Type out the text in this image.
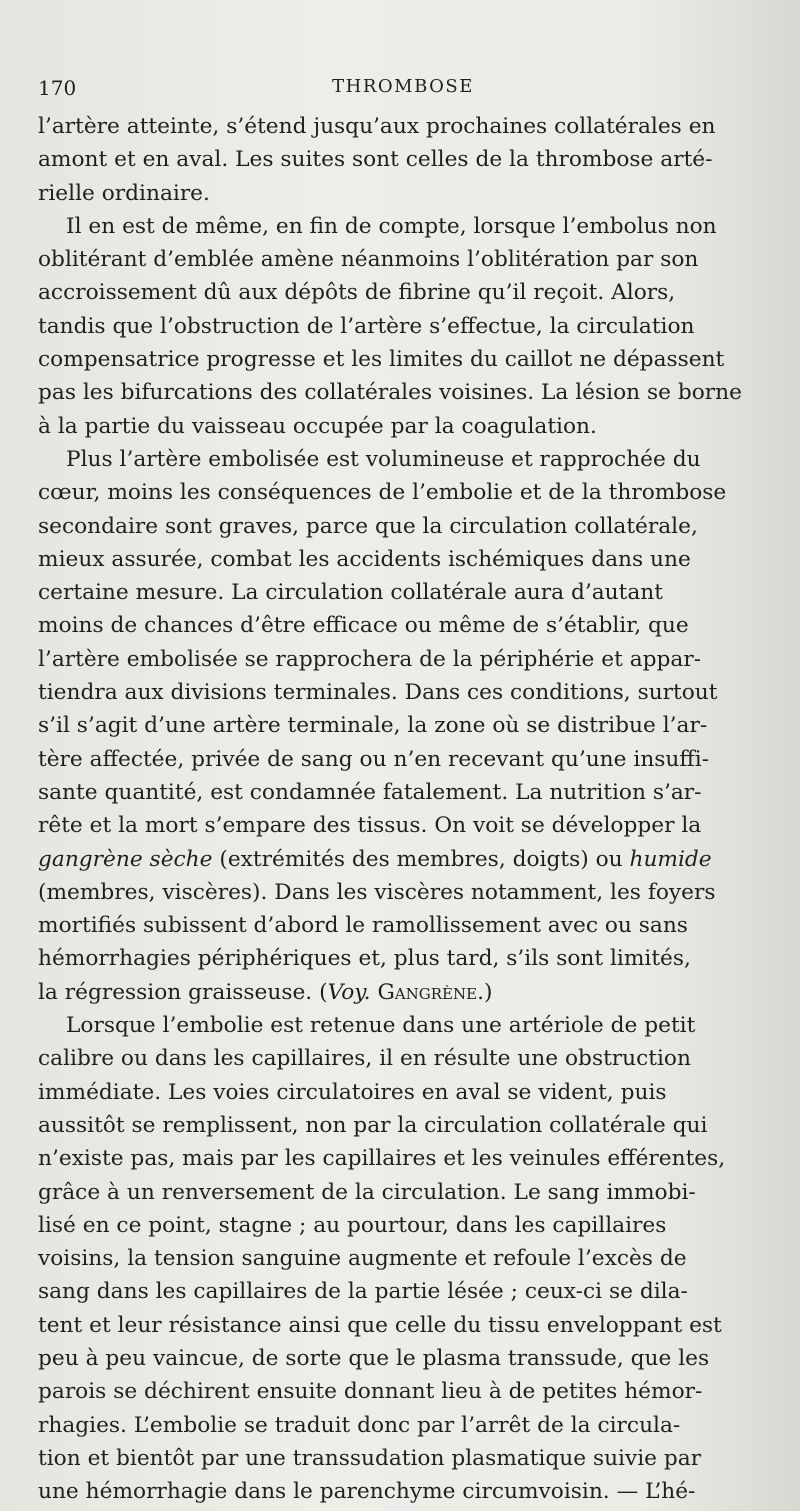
170	THROMBOSE

l’artère atteinte, s’étend jusqu’aux prochaines collatérales en
amont et en aval. Les suites sont celles de la thrombose arté-
rielle ordinaire.

Il en est de même, en fin de compte, lorsque l’embolus non
oblitérant d’emblée amène néanmoins l’oblitération par son
accroissement dû aux dépôts de fibrine qu’il reçoit. Alors,
tandis que l’obstruction de l’artère s’effectue, la circulation
compensatrice progresse et les limites du caillot ne dépassent
pas les bifurcations des collatérales voisines. La lésion se borne
à la partie du vaisseau occupée par la coagulation.

Plus l’artère embolisée est volumineuse et rapprochée du
cœur, moins les conséquences de l’embolie et de la thrombose
secondaire sont graves, parce que la circulation collatérale,
mieux assurée, combat les accidents ischémiques dans une
certaine mesure. La circulation collatérale aura d’autant
moins de chances d’être efficace ou même de s’établir, que
l’artère embolisée se rapprochera de la périphérie et appar-
tiendra aux divisions terminales. Dans ces conditions, surtout
s’il s’agit d’une artère terminale, la zone où se distribue l’ar-
tère affectée, privée de sang ou n’en recevant qu’une insuffi-
sante quantité, est condamnée fatalement. La nutrition s’ar-
rête et la mort s’empare des tissus. On voit se développer la
gangrène sèche (extrémités des membres, doigts) ou humide
(membres, viscères). Dans les viscères notamment, les foyers
mortifiés subissent d’abord le ramollissement avec ou sans
hémorrhagies périphériques et, plus tard, s’ils sont limités,
la régression graisseuse. (Voy. Gangrène.)

Lorsque l’embolie est retenue dans une artériole de petit
calibre ou dans les capillaires, il en résulte une obstruction
immédiate. Les voies circulatoires en aval se vident, puis
aussitôt se remplissent, non par la circulation collatérale qui
n’existe pas, mais par les capillaires et les veinules efférentes,
grâce à un renversement de la circulation. Le sang immobi-
lisé en ce point, stagne ; au pourtour, dans les capillaires
voisins, la tension sanguine augmente et refoule l’excès de
sang dans les capillaires de la partie lésée ; ceux-ci se dila-
tent et leur résistance ainsi que celle du tissu enveloppant est
peu à peu vaincue, de sorte que le plasma transsude, que les
parois se déchirent ensuite donnant lieu à de petites hémor-
rhagies. L’embolie se traduit donc par l’arrêt de la circula-
tion et bientôt par une transsudation plasmatique suivie par
une hémorrhagie dans le parenchyme circumvoisin. — L’hé-
